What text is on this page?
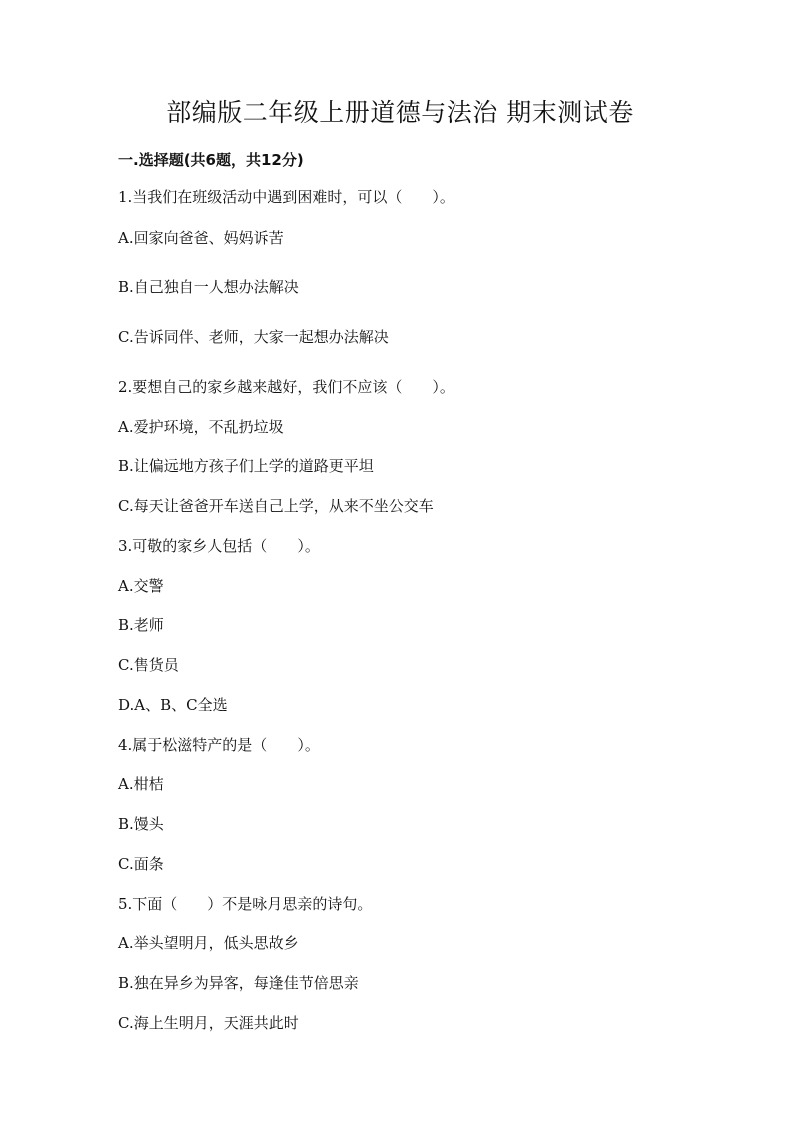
部编版二年级上册道德与法治 期末测试卷
一.选择题(共6题，共12分)
1.当我们在班级活动中遇到困难时，可以（　　）。
A.回家向爸爸、妈妈诉苦
B.自己独自一人想办法解决
C.告诉同伴、老师，大家一起想办法解决
2.要想自己的家乡越来越好，我们不应该（　　）。
A.爱护环境，不乱扔垃圾
B.让偏远地方孩子们上学的道路更平坦
C.每天让爸爸开车送自己上学，从来不坐公交车
3.可敬的家乡人包括（　　）。
A.交警
B.老师
C.售货员
D.A、B、C全选
4.属于松滋特产的是（　　）。
A.柑桔
B.馒头
C.面条
5.下面（　　）不是咏月思亲的诗句。
A.举头望明月，低头思故乡
B.独在异乡为异客，每逢佳节倍思亲
C.海上生明月，天涯共此时
